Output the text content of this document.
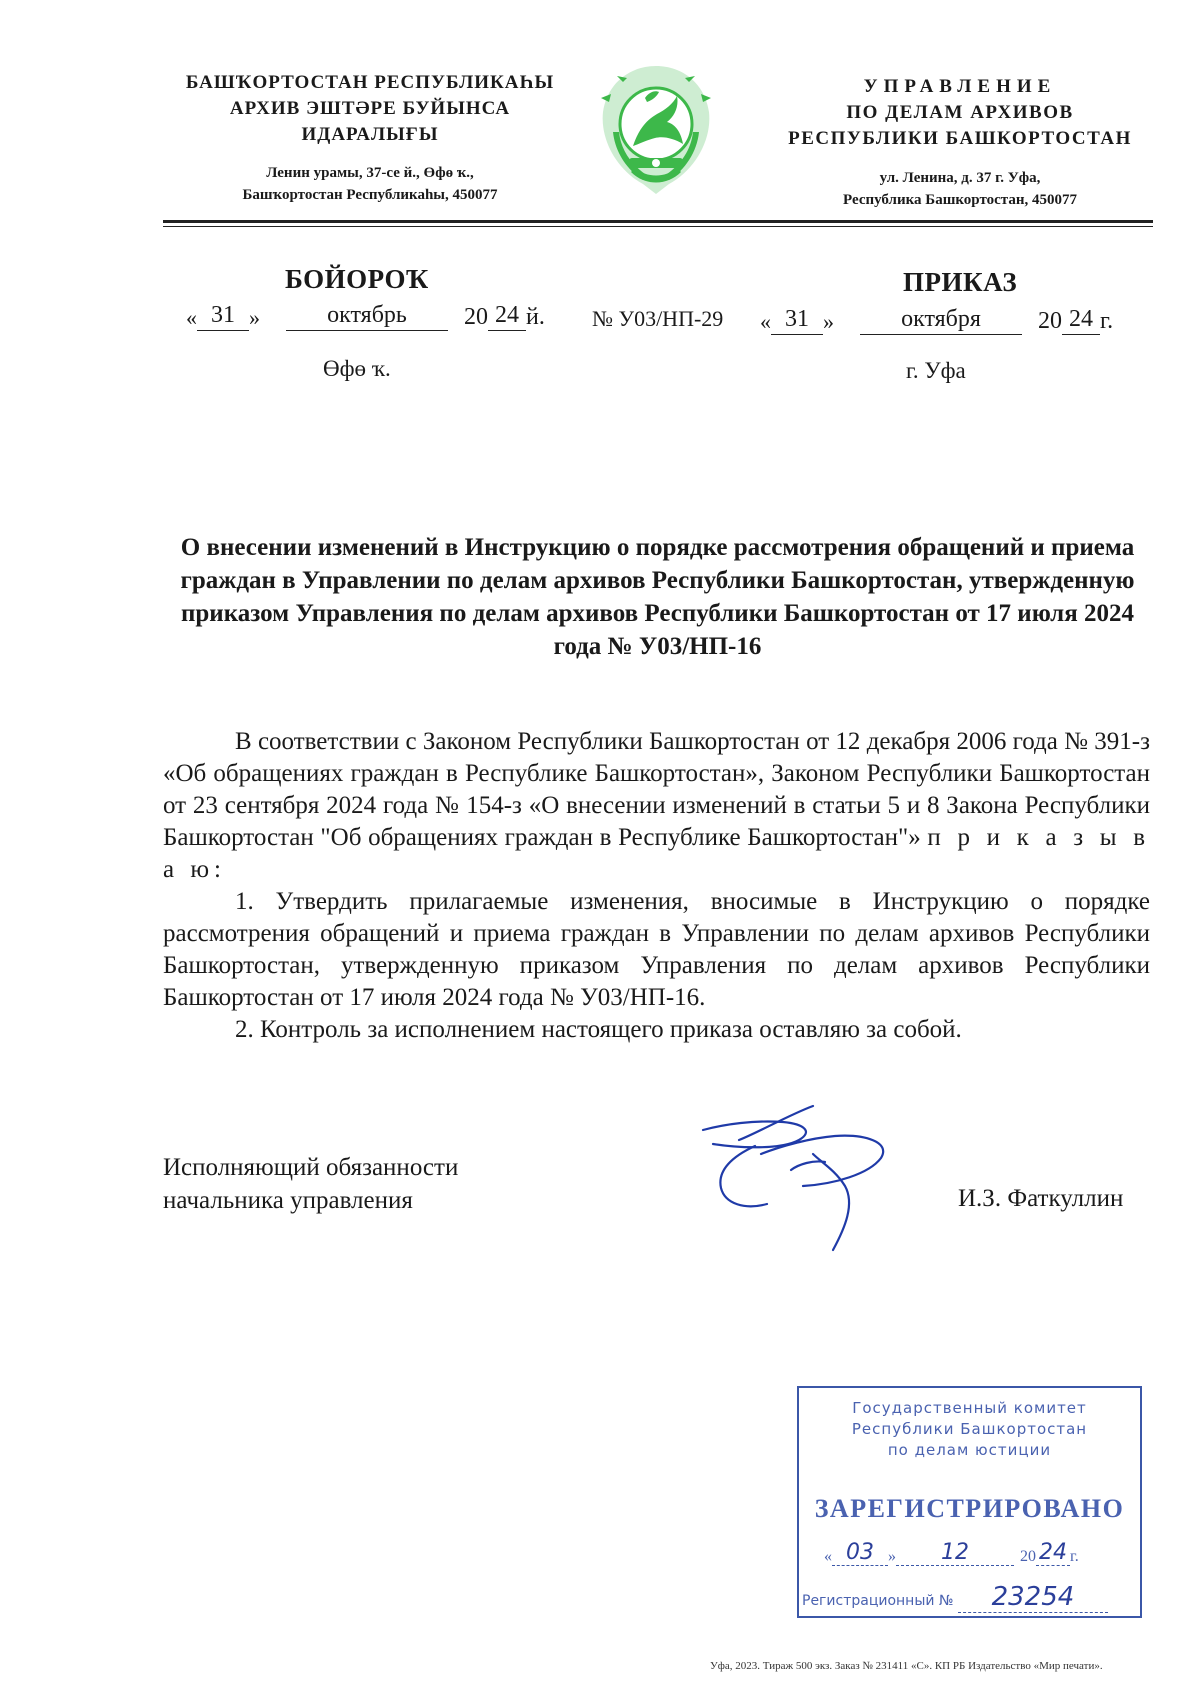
БАШҠОРТОСТАН РЕСПУБЛИКАҺЫ
АРХИВ ЭШТӘРЕ БУЙЫНСА
ИДАРАЛЫҒЫ
Ленин урамы, 37-се й., Өфө ҡ.,
Башҡортостан Республикаһы, 450077
УПРАВЛЕНИЕ
ПО ДЕЛАМ АРХИВОВ
РЕСПУБЛИКИ БАШКОРТОСТАН
ул. Ленина, д. 37 г. Уфа,
Республика Башкортостан, 450077
БОЙОРОҠ	ПРИКАЗ
« 31 »	октябрь 20 24 й. № У03/НП-29 « 31 »	октября 20 24 г.
Өфө ҡ.	г. Уфа
О внесении изменений в Инструкцию о порядке рассмотрения обращений и приема граждан в Управлении по делам архивов Республики Башкортостан, утвержденную приказом Управления по делам архивов Республики Башкортостан от 17 июля 2024 года № У03/НП-16

В соответствии с Законом Республики Башкортостан от 12 декабря 2006 года № 391-з «Об обращениях граждан в Республике Башкортостан», Законом Республики Башкортостан от 23 сентября 2024 года № 154-з «О внесении изменений в статьи 5 и 8 Закона Республики Башкортостан "Об обращениях граждан в Республике Башкортостан"» п р и к а з ы в а ю:

1. Утвердить прилагаемые изменения, вносимые в Инструкцию о порядке рассмотрения обращений и приема граждан в Управлении по делам архивов Республики Башкортостан, утвержденную приказом Управления по делам архивов Республики Башкортостан от 17 июля 2024 года № У03/НП-16.

2. Контроль за исполнением настоящего приказа оставляю за собой.

Исполняющий обязанности
начальника управления	И.З. Фаткуллин
Государственный комитет
Республики Башкортостан
по делам юстиции
ЗАРЕГИСТРИРОВАНО
« 03 » 12	20 24 г.
Регистрационный № 23254
Уфа, 2023. Тираж 500 экз. Заказ № 231411 «С». КП РБ Издательство «Мир печати».
